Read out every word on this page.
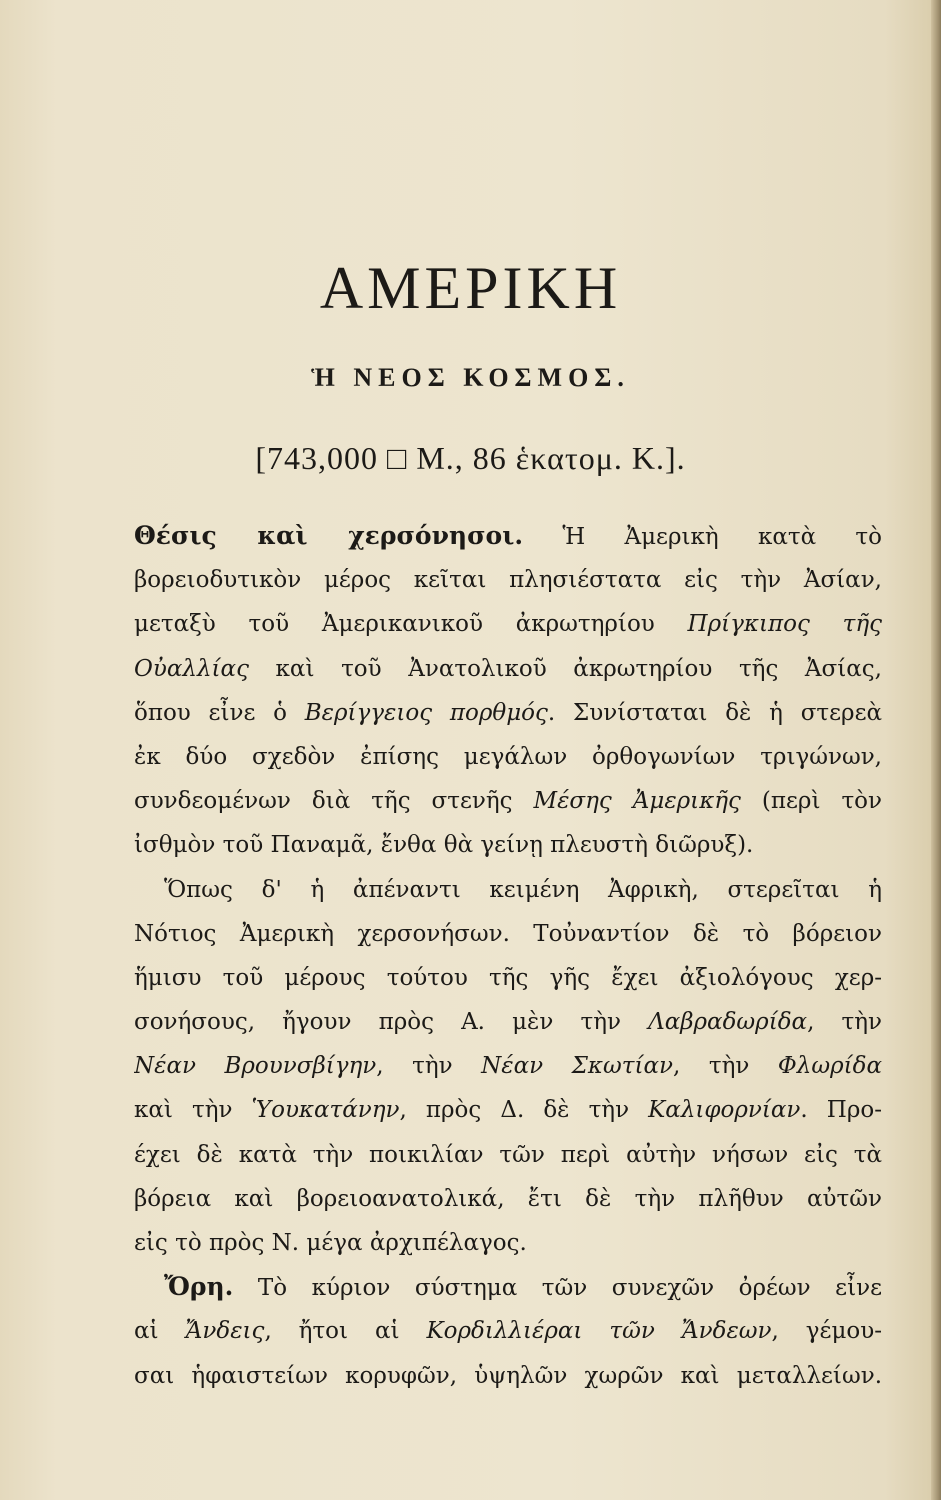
ΑΜΕΡΙΚΗ
Ἡ ΝΕΟΣ ΚΟΣΜΟΣ.
[743,000 □ Μ., 86 ἑκατομ. Κ.].
Θέσις καὶ χερσόνησοι. Ἡ Ἀμερικὴ κατὰ τὸ
βορειοδυτικὸν μέρος κεῖται πλησιέστατα εἰς τὴν Ἀσίαν,
μεταξὺ τοῦ Ἀμερικανικοῦ ἀκρωτηρίου Πρίγκιπος τῆς
Οὐαλλίας καὶ τοῦ Ἀνατολικοῦ ἀκρωτηρίου τῆς Ἀσίας,
ὅπου εἶνε ὁ Βερίγγειος πορθμός. Συνίσταται δὲ ἡ στερεὰ
ἐκ δύο σχεδὸν ἐπίσης μεγάλων ὀρθογωνίων τριγώνων,
συνδεομένων διὰ τῆς στενῆς Μέσης Ἀμερικῆς (περὶ τὸν
ἰσθμὸν τοῦ Παναμᾶ, ἔνθα θὰ γείνῃ πλευστὴ διῶρυξ).
Ὅπως δ' ἡ ἀπέναντι κειμένη Ἀφρικὴ, στερεῖται ἡ
Νότιος Ἀμερικὴ χερσονήσων. Τοὐναντίον δὲ τὸ βόρειον
ἥμισυ τοῦ μέρους τούτου τῆς γῆς ἔχει ἀξιολόγους χερ-
σονήσους, ἤγουν πρὸς Α. μὲν τὴν Λαβραδωρίδα, τὴν
Νέαν Βρουνσβίγην, τὴν Νέαν Σκωτίαν, τὴν Φλωρίδα
καὶ τὴν Ὑουκατάνην, πρὸς Δ. δὲ τὴν Καλιφορνίαν. Προ-
έχει δὲ κατὰ τὴν ποικιλίαν τῶν περὶ αὐτὴν νήσων εἰς τὰ
βόρεια καὶ βορειοανατολικά, ἔτι δὲ τὴν πλῆθυν αὐτῶν
εἰς τὸ πρὸς Ν. μέγα ἀρχιπέλαγος.
Ὄρη. Τὸ κύριον σύστημα τῶν συνεχῶν ὀρέων εἶνε
αἱ Ἄνδεις, ἤτοι αἱ Κορδιλλιέραι τῶν Ἄνδεων, γέμου-
σαι ἡφαιστείων κορυφῶν, ὑψηλῶν χωρῶν καὶ μεταλλείων.
